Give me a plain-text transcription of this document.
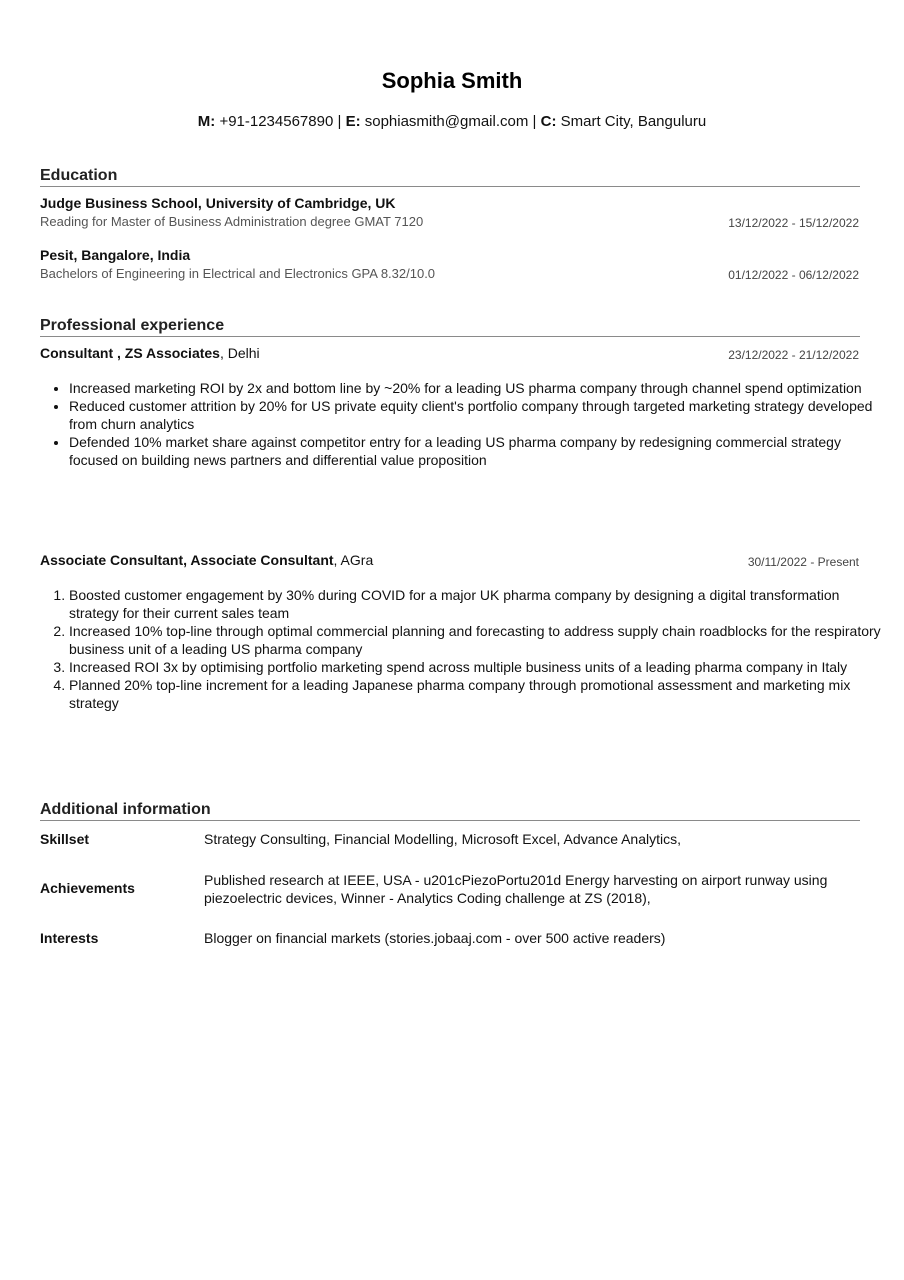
Sophia Smith
M: +91-1234567890 | E: sophiasmith@gmail.com | C: Smart City, Banguluru
Education
Judge Business School, University of Cambridge, UK
Reading for Master of Business Administration degree GMAT 7120	13/12/2022 - 15/12/2022
Pesit, Bangalore, India
Bachelors of Engineering in Electrical and Electronics GPA 8.32/10.0	01/12/2022 - 06/12/2022
Professional experience
Consultant , ZS Associates, Delhi	23/12/2022 - 21/12/2022
• Increased marketing ROI by 2x and bottom line by ~20% for a leading US pharma company through channel spend optimization
• Reduced customer attrition by 20% for US private equity client's portfolio company through targeted marketing strategy developed from churn analytics
• Defended 10% market share against competitor entry for a leading US pharma company by redesigning commercial strategy focused on building news partners and differential value proposition
Associate Consultant, Associate Consultant, AGra	30/11/2022 - Present
1. Boosted customer engagement by 30% during COVID for a major UK pharma company by designing a digital transformation strategy for their current sales team
2. Increased 10% top-line through optimal commercial planning and forecasting to address supply chain roadblocks for the respiratory business unit of a leading US pharma company
3. Increased ROI 3x by optimising portfolio marketing spend across multiple business units of a leading pharma company in Italy
4. Planned 20% top-line increment for a leading Japanese pharma company through promotional assessment and marketing mix strategy
Additional information
Skillset	Strategy Consulting, Financial Modelling, Microsoft Excel, Advance Analytics,
Achievements	Published research at IEEE, USA - u201cPiezoPortu201d Energy harvesting on airport runway using piezoelectric devices, Winner - Analytics Coding challenge at ZS (2018),
Interests	Blogger on financial markets (stories.jobaaj.com - over 500 active readers)
